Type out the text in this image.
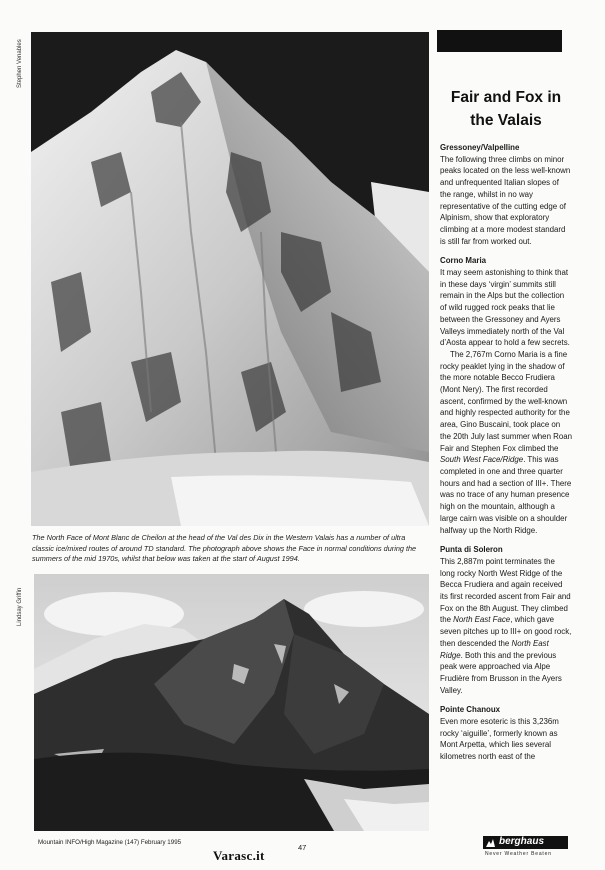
Stephen Venables
Lindsay Griffin
The North Face of Mont Blanc de Cheilon at the head of the Val des Dix in the Western Valais has a number of ultra classic ice/mixed routes of around TD standard. The photograph above shows the Face in normal conditions during the summers of the mid 1970s, whilst that below was taken at the start of August 1994.
Fair and Fox in the Valais

Gressoney/Valpelline

The following three climbs on minor peaks located on the less well-known and unfrequented Italian slopes of the range, whilst in no way representative of the cutting edge of Alpinism, show that exploratory climbing at a more modest standard is still far from worked out.

Corno Maria

It may seem astonishing to think that in these days ‘virgin’ summits still remain in the Alps but the collection of wild rugged rock peaks that lie between the Gressoney and Ayers Valleys immediately north of the Val d’Aosta appear to hold a few secrets.

The 2,767m Corno Maria is a fine rocky peaklet lying in the shadow of the more notable Becco Frudiera (Mont Nery). The first recorded ascent, confirmed by the well-known and highly respected authority for the area, Gino Buscaini, took place on the 20th July last summer when Roan Fair and Stephen Fox climbed the South West Face/Ridge. This was completed in one and three quarter hours and had a section of III+. There was no trace of any human presence high on the mountain, although a large cairn was visible on a shoulder halfway up the North Ridge.

Punta di Soleron

This 2,887m point terminates the long rocky North West Ridge of the Becca Frudiera and again received its first recorded ascent from Fair and Fox on the 8th August. They climbed the North East Face, which gave seven pitches up to III+ on good rock, then descended the North East Ridge. Both this and the previous peak were approached via Alpe Frudière from Brusson in the Ayers Valley.

Pointe Chanoux

Even more esoteric is this 3,236m rocky ‘aiguille’, formerly known as Mont Arpetta, which lies several kilometres north east of the

Mountain INFO/High Magazine (147) February 1995
47
Varasc.it
berghaus
Never Weather Beaten
